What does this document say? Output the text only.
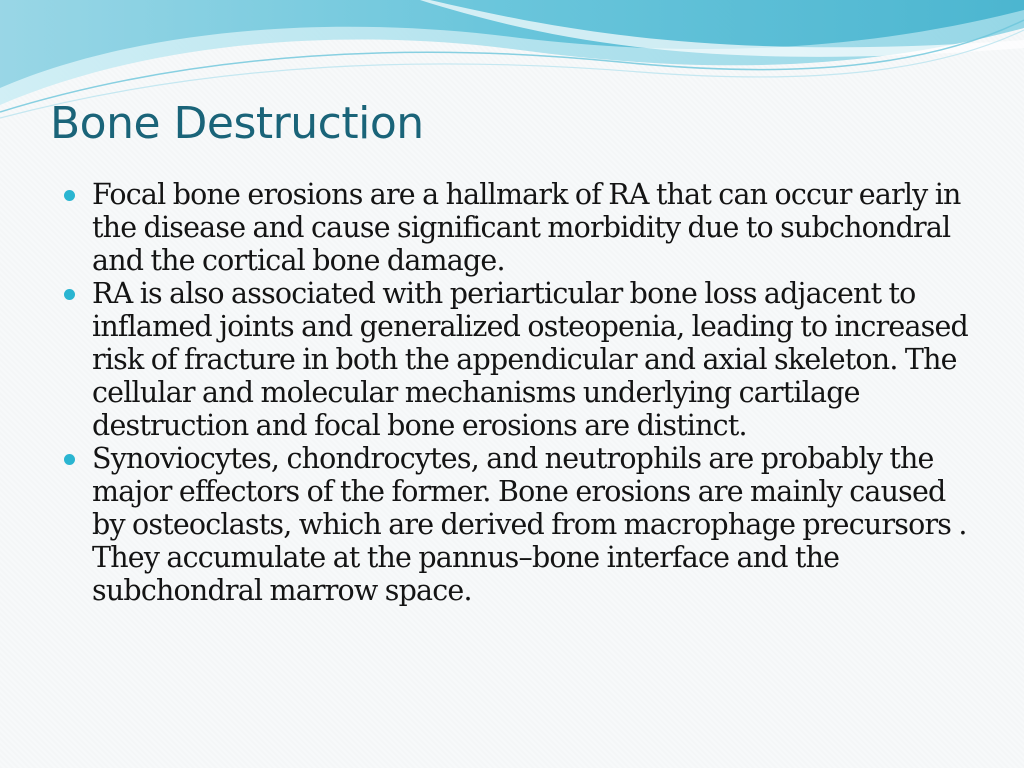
Bone Destruction
Focal bone erosions are a hallmark of RA that can occur early in the disease and cause significant morbidity due to subchondral and the cortical bone damage.
RA is also associated with periarticular bone loss adjacent to inflamed joints and generalized osteopenia, leading to increased risk of fracture in both the appendicular and axial skeleton. The cellular and molecular mechanisms underlying cartilage destruction and focal bone erosions are distinct.
Synoviocytes, chondrocytes, and neutrophils are probably the major effectors of the former. Bone erosions are mainly caused by osteoclasts, which are derived from macrophage precursors . They accumulate at the pannus–bone interface and the subchondral marrow space.
